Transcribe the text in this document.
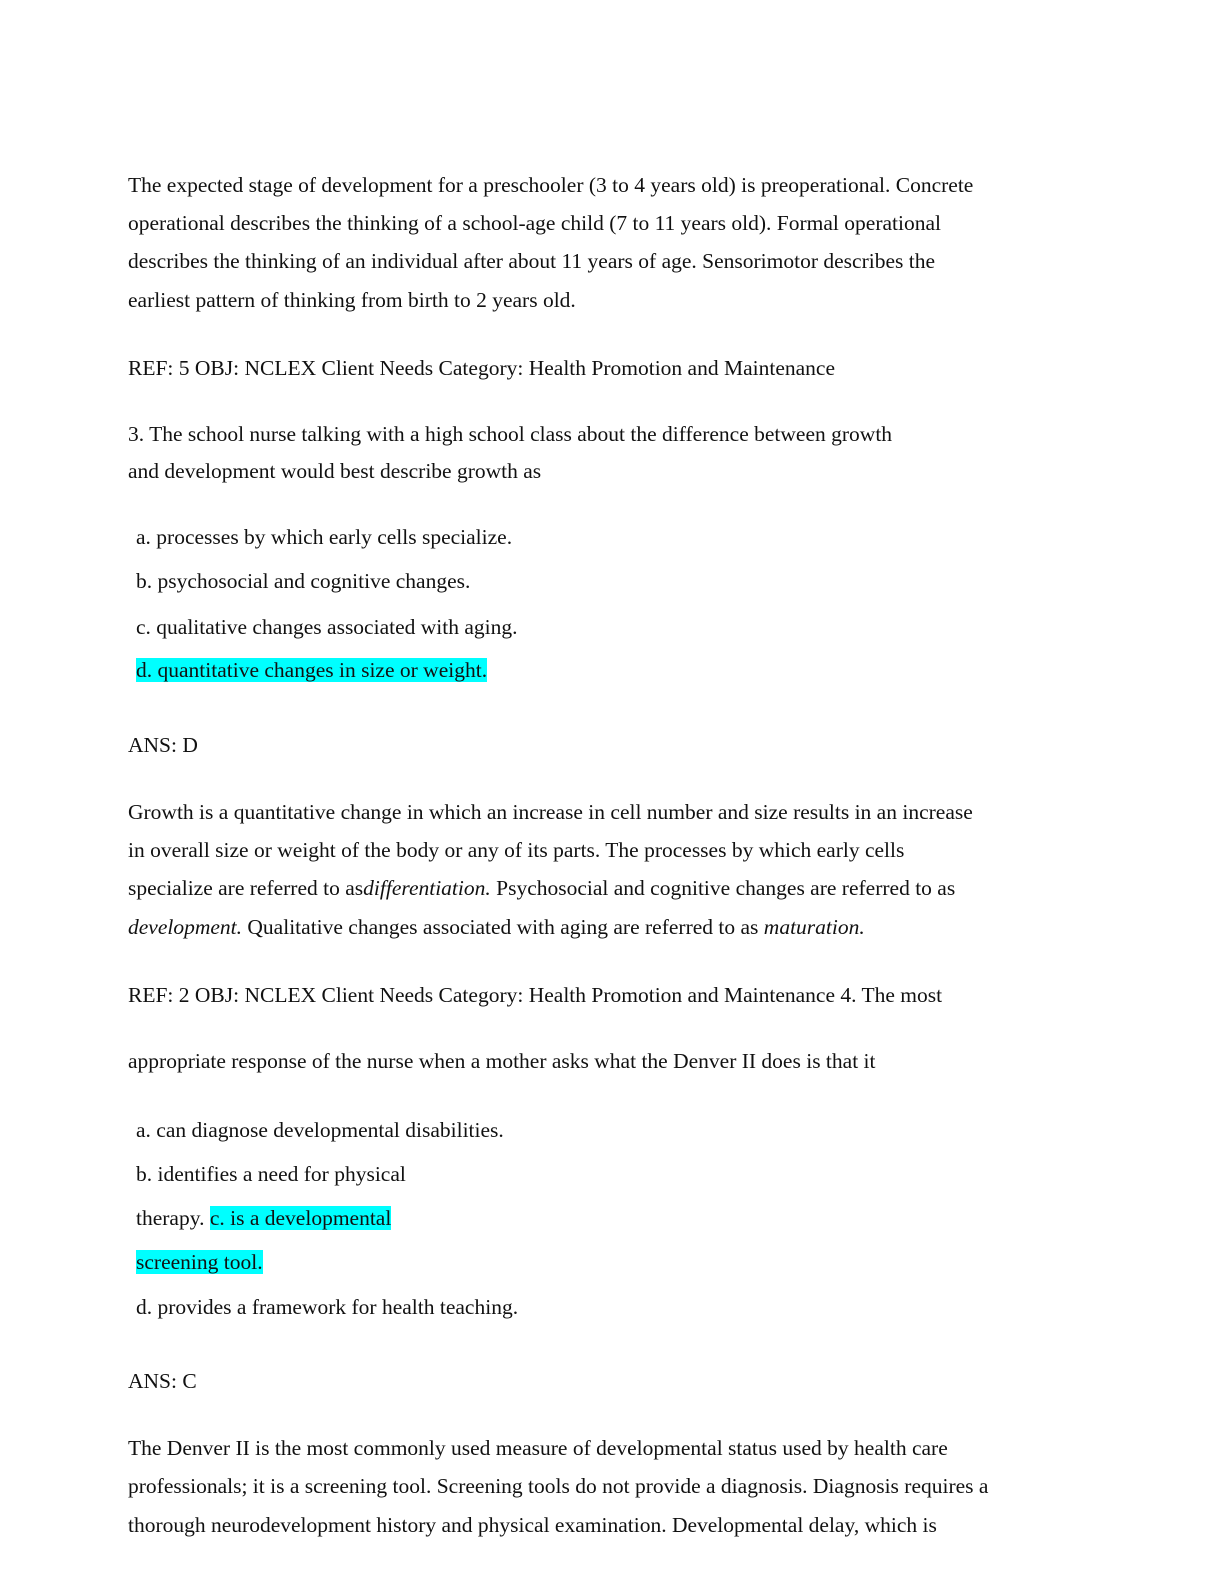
The expected stage of development for a preschooler (3 to 4 years old) is preoperational. Concrete
operational describes the thinking of a school-age child (7 to 11 years old). Formal operational
describes the thinking of an individual after about 11 years of age. Sensorimotor describes the
earliest pattern of thinking from birth to 2 years old.
REF: 5 OBJ: NCLEX Client Needs Category: Health Promotion and Maintenance
3. The school nurse talking with a high school class about the difference between growth
and development would best describe growth as
a. processes by which early cells specialize.
b. psychosocial and cognitive changes.
c. qualitative changes associated with aging.
d. quantitative changes in size or weight.
ANS: D
Growth is a quantitative change in which an increase in cell number and size results in an increase
in overall size or weight of the body or any of its parts. The processes by which early cells
specialize are referred to asdifferentiation. Psychosocial and cognitive changes are referred to as
development. Qualitative changes associated with aging are referred to as maturation.
REF: 2 OBJ: NCLEX Client Needs Category: Health Promotion and Maintenance 4. The most
appropriate response of the nurse when a mother asks what the Denver II does is that it
a. can diagnose developmental disabilities.
b. identifies a need for physical
therapy. c. is a developmental
screening tool.
d. provides a framework for health teaching.
ANS: C
The Denver II is the most commonly used measure of developmental status used by health care
professionals; it is a screening tool. Screening tools do not provide a diagnosis. Diagnosis requires a
thorough neurodevelopment history and physical examination. Developmental delay, which is
